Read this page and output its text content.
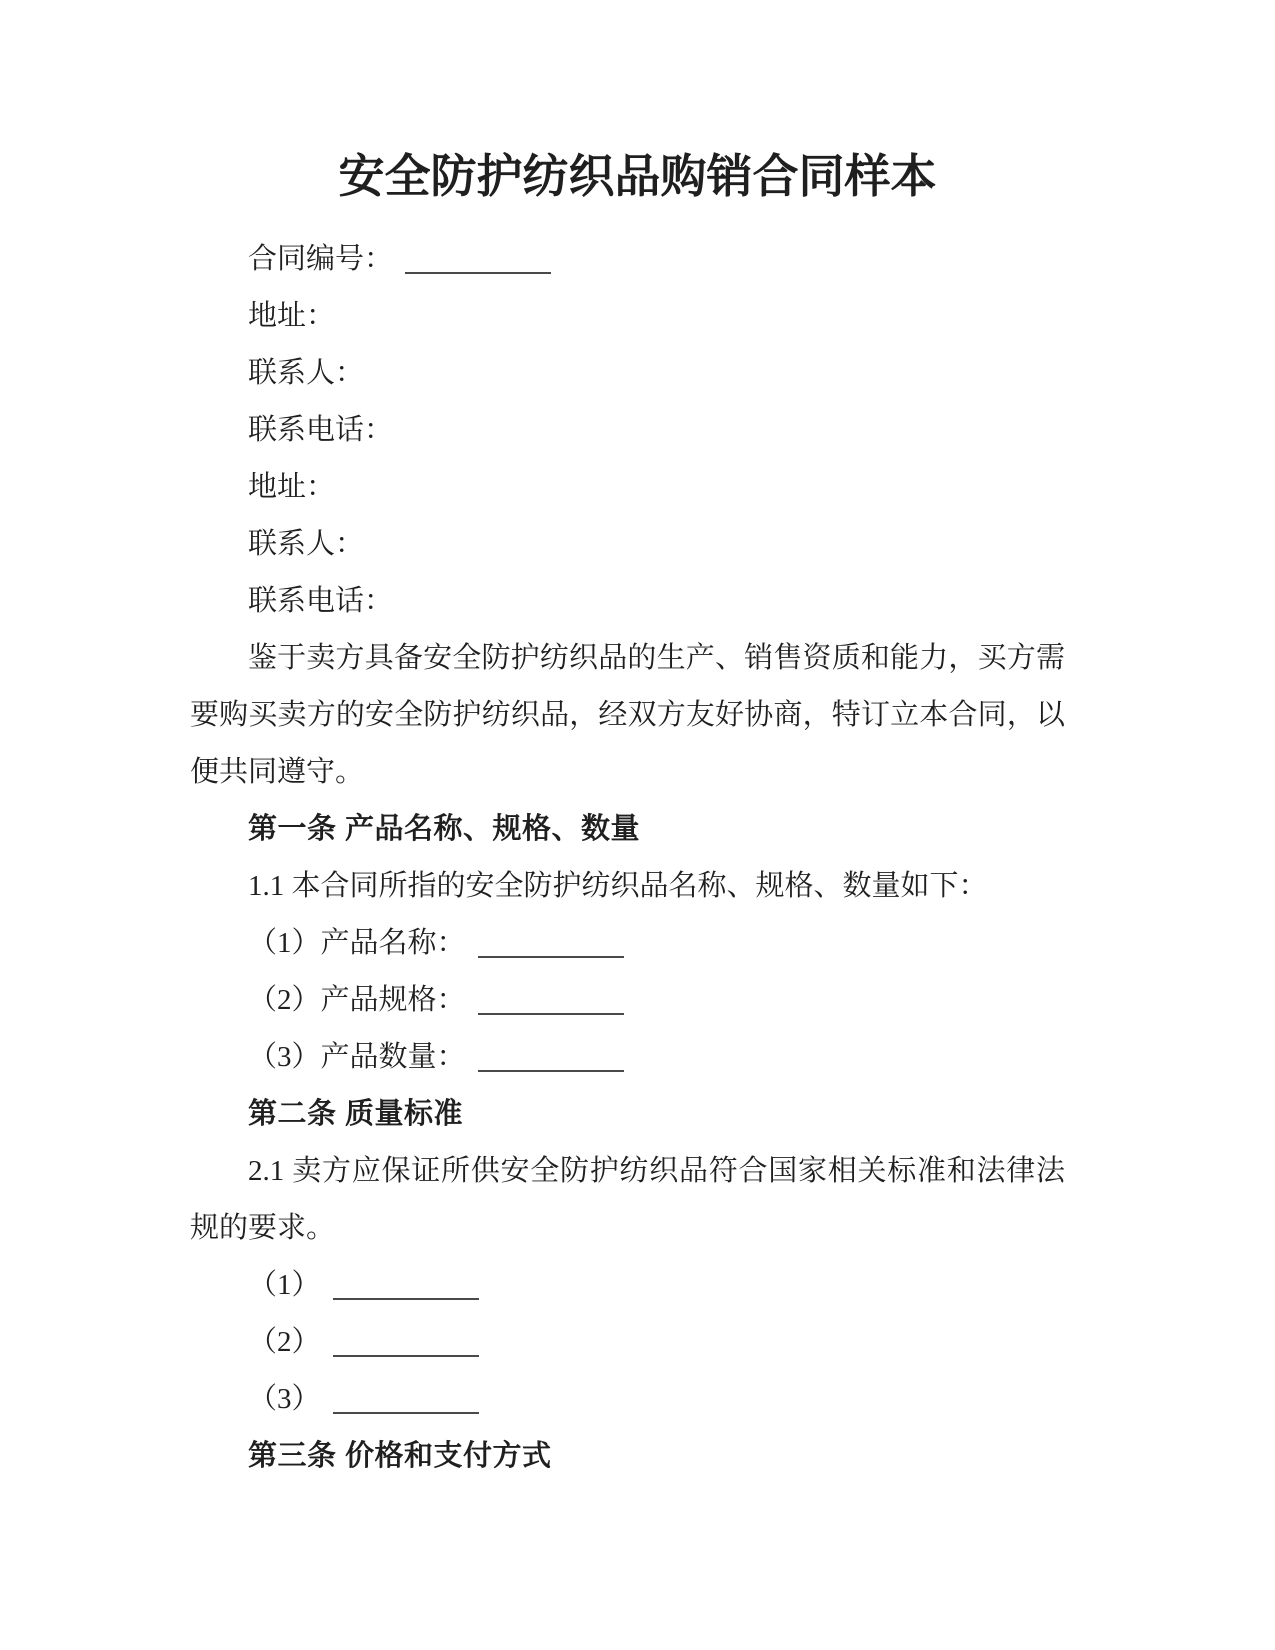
安全防护纺织品购销合同样本
合同编号：
地址：
联系人：
联系电话：
地址：
联系人：
联系电话：

鉴于卖方具备安全防护纺织品的生产、销售资质和能力，买方需要购买卖方的安全防护纺织品，经双方友好协商，特订立本合同，以便共同遵守。

第一条 产品名称、规格、数量
1.1 本合同所指的安全防护纺织品名称、规格、数量如下：
（1）产品名称：
（2）产品规格：
（3）产品数量：
第二条 质量标准

2.1 卖方应保证所供安全防护纺织品符合国家相关标准和法律法规的要求。

（1）
（2）
（3）
第三条 价格和支付方式
